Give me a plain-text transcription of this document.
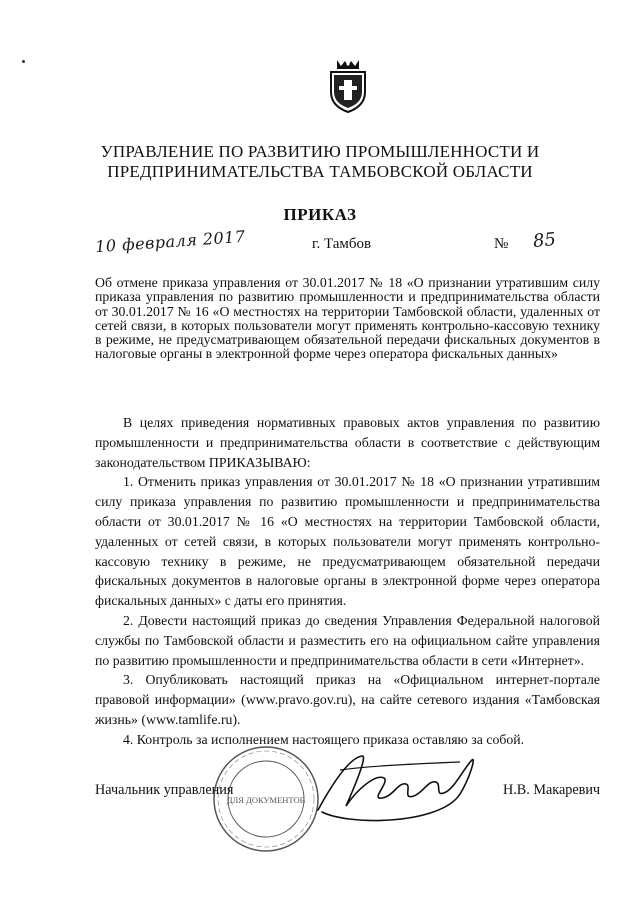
УПРАВЛЕНИЕ ПО РАЗВИТИЮ ПРОМЫШЛЕННОСТИ И ПРЕДПРИНИМАТЕЛЬСТВА ТАМБОВСКОЙ ОБЛАСТИ
ПРИКАЗ
10 февраля 2017	г. Тамбов	№ 85
Об отмене приказа управления от 30.01.2017 № 18 «О признании утратившим силу приказа управления по развитию промышленности и предпринимательства области от 30.01.2017 № 16 «О местностях на территории Тамбовской области, удаленных от сетей связи, в которых пользователи могут применять контрольно-кассовую технику в режиме, не предусматривающем обязательной передачи фискальных документов в налоговые органы в электронной форме через оператора фискальных данных»

В целях приведения нормативных правовых актов управления по развитию промышленности и предпринимательства области в соответствие с действующим законодательством ПРИКАЗЫВАЮ:

1. Отменить приказ управления от 30.01.2017 № 18 «О признании утратившим силу приказа управления по развитию промышленности и предпринимательства области от 30.01.2017 № 16 «О местностях на территории Тамбовской области, удаленных от сетей связи, в которых пользователи могут применять контрольно-кассовую технику в режиме, не предусматривающем обязательной передачи фискальных документов в налоговые органы в электронной форме через оператора фискальных данных» с даты его принятия.

2. Довести настоящий приказ до сведения Управления Федеральной налоговой службы по Тамбовской области и разместить его на официальном сайте управления по развитию промышленности и предпринимательства области в сети «Интернет».

3. Опубликовать настоящий приказ на «Официальном интернет-портале правовой информации» (www.pravo.gov.ru), на сайте сетевого издания «Тамбовская жизнь» (www.tamlife.ru).

4. Контроль за исполнением настоящего приказа оставляю за собой.

ДЛЯ ДОКУМЕНТОВ
Начальник управления	Н.В. Макаревич
